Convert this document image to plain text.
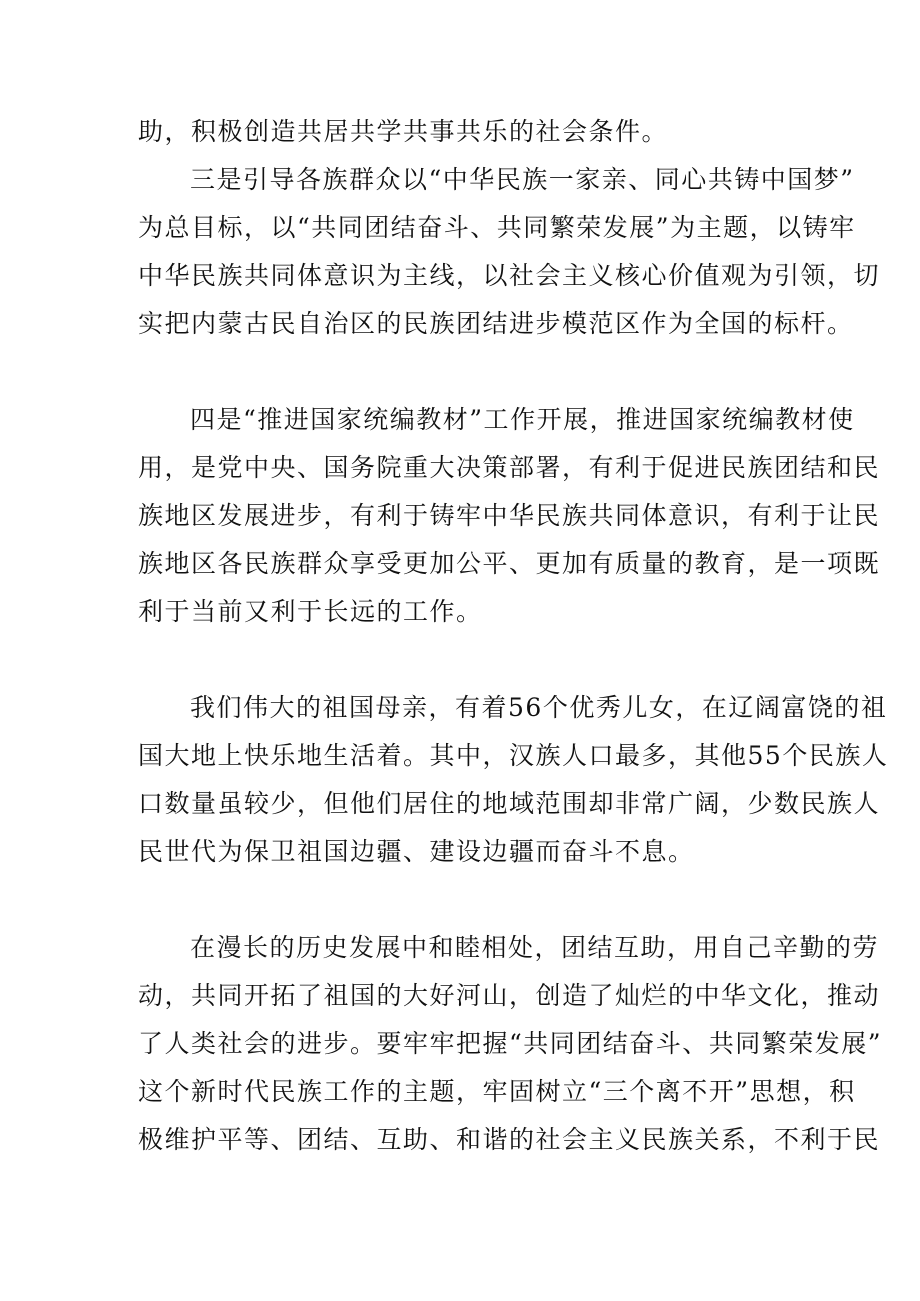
助，积极创造共居共学共事共乐的社会条件。
三是引导各族群众以“中华民族一家亲、同心共铸中国梦”
为总目标，以“共同团结奋斗、共同繁荣发展”为主题，以铸牢
中华民族共同体意识为主线，以社会主义核心价值观为引领，切
实把内蒙古民自治区的民族团结进步模范区作为全国的标杆。
四是“推进国家统编教材”工作开展，推进国家统编教材使
用，是党中央、国务院重大决策部署，有利于促进民族团结和民
族地区发展进步，有利于铸牢中华民族共同体意识，有利于让民
族地区各民族群众享受更加公平、更加有质量的教育，是一项既
利于当前又利于长远的工作。
我们伟大的祖国母亲，有着56个优秀儿女，在辽阔富饶的祖
国大地上快乐地生活着。其中，汉族人口最多，其他55个民族人
口数量虽较少，但他们居住的地域范围却非常广阔，少数民族人
民世代为保卫祖国边疆、建设边疆而奋斗不息。
在漫长的历史发展中和睦相处，团结互助，用自己辛勤的劳
动，共同开拓了祖国的大好河山，创造了灿烂的中华文化，推动
了人类社会的进步。要牢牢把握“共同团结奋斗、共同繁荣发展”
这个新时代民族工作的主题，牢固树立“三个离不开”思想，积
极维护平等、团结、互助、和谐的社会主义民族关系，不利于民
